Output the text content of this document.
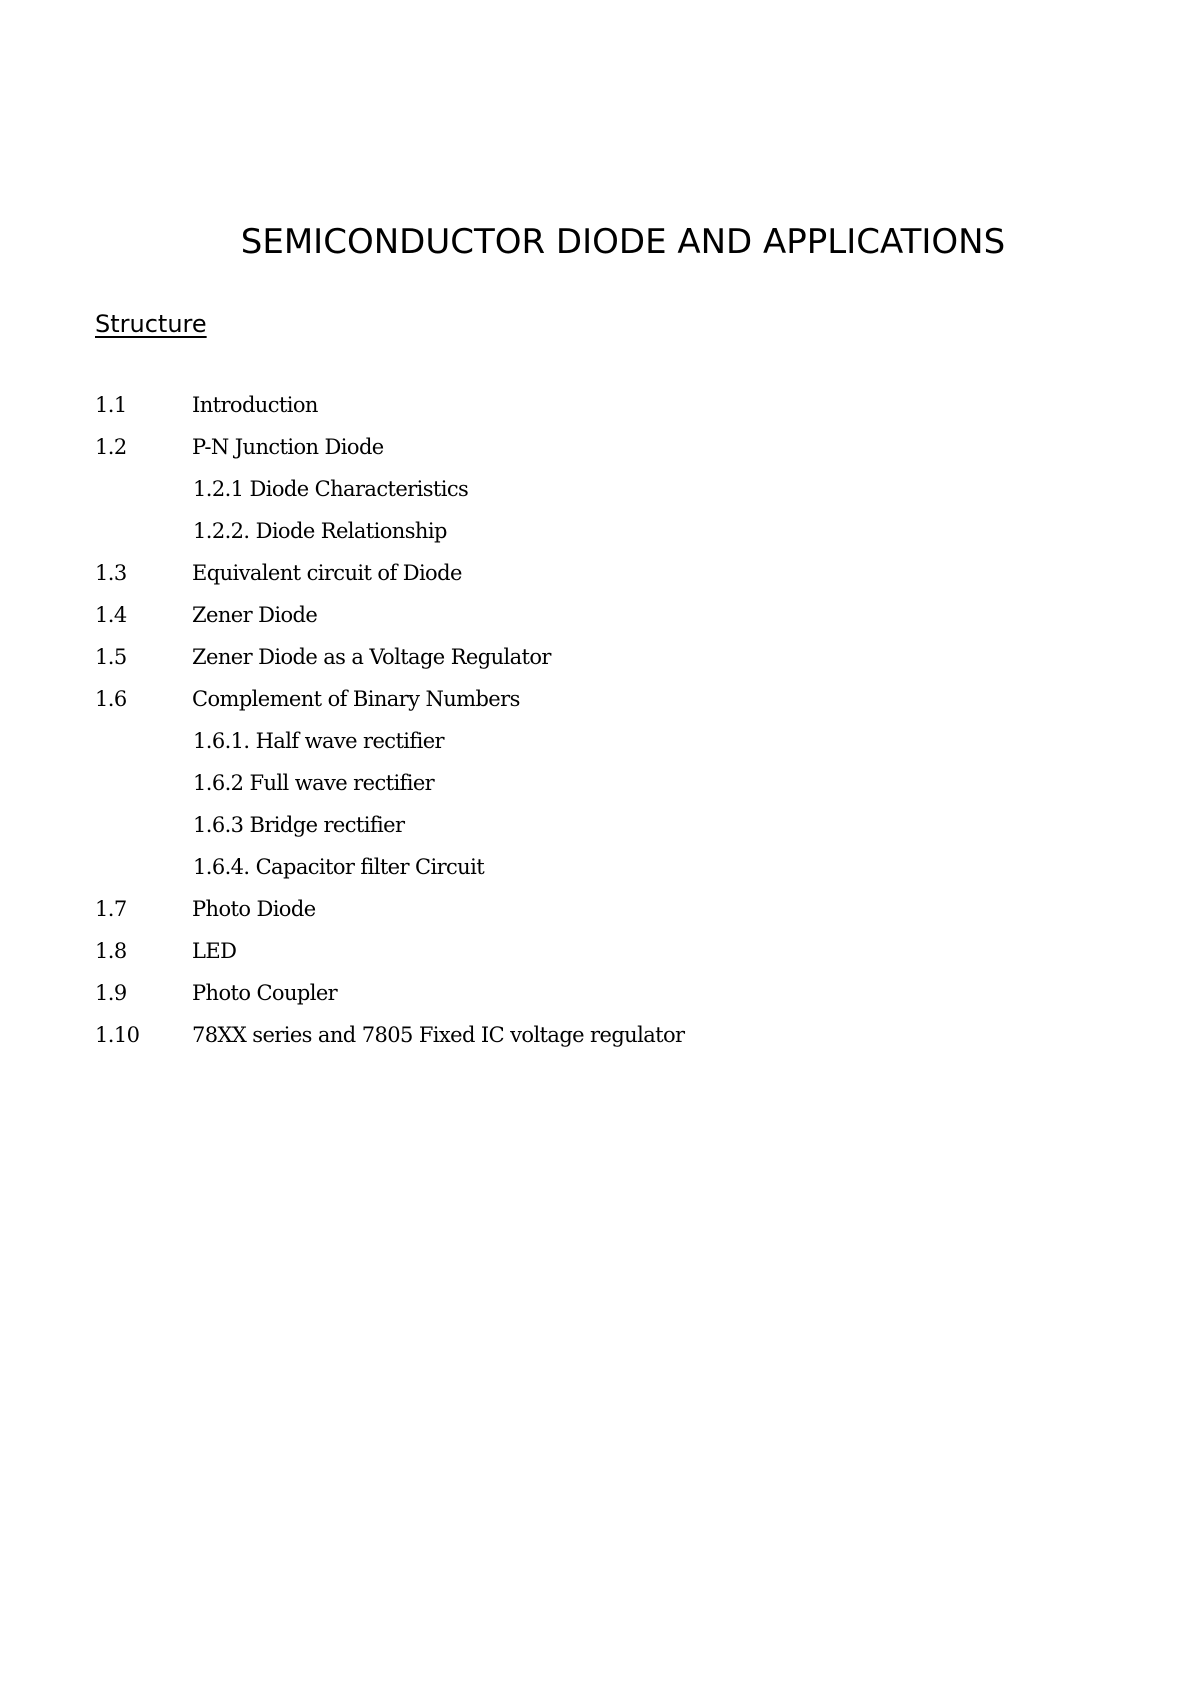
SEMICONDUCTOR DIODE AND APPLICATIONS
Structure
1.1	Introduction
1.2	P-N Junction Diode
1.2.1 Diode Characteristics
1.2.2. Diode Relationship
1.3	Equivalent circuit of Diode
1.4	Zener Diode
1.5	Zener Diode as a Voltage Regulator
1.6	Complement of Binary Numbers
1.6.1. Half wave rectifier
1.6.2 Full wave rectifier
1.6.3 Bridge rectifier
1.6.4. Capacitor filter Circuit
1.7	Photo Diode
1.8	LED
1.9	Photo Coupler
1.10	78XX series and 7805 Fixed IC voltage regulator
